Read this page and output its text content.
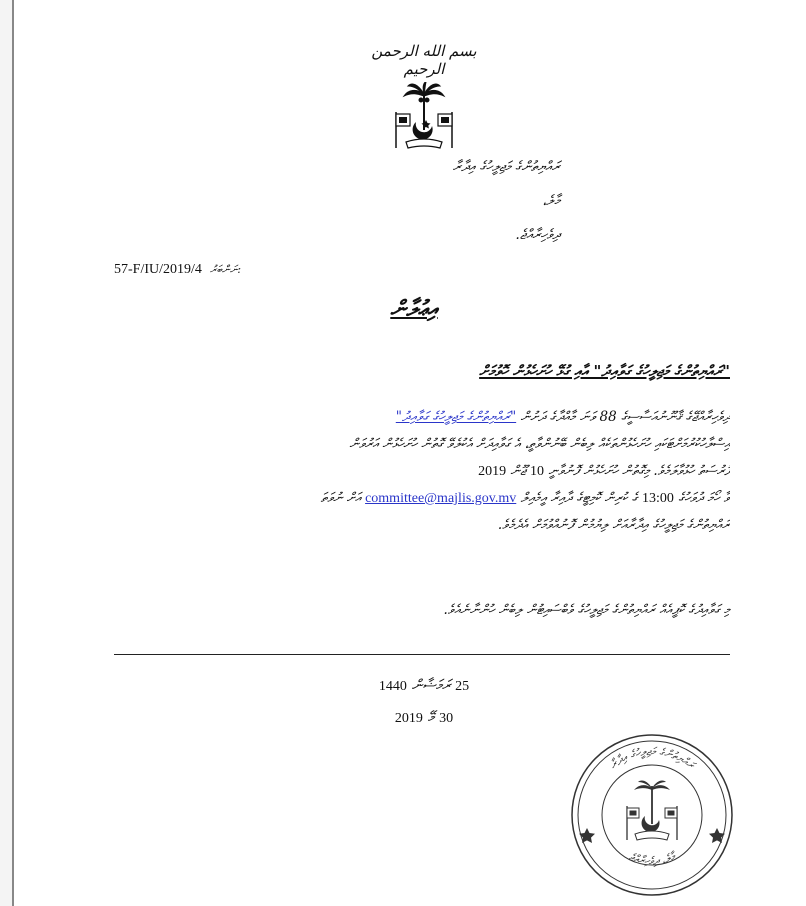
بسم الله الرحمن الرحيم
ރައްޔިތުންގެ މަޖިލީހުގެ އިދާރާ
މާލެ،
ދިވެހިރާއްޖެ.
57-F/IU/2019/4 ނަންބަރު:
އިޢުލާން
"ރައްޔިތުންގެ މަޖިލީހުގެ ގަވާއިދު" އާއި ގުޅޭ ހުށަހެޅުން ހޮވުމަށް
ދިވެހިރާއްޖޭގެ ޤާނޫނުއަސާސީގެ 88 ވަނަ މާއްދާގެ ދަށުން "ރައްޔިތުންގެ މަޖިލީހުގެ ގަވާއިދު"
އިސްލާހުކުރުމަށްޓަކައި ހުށަހެޅުންތަކެއް ލިބެން ބޭނުންވާތީ، އެ ގަވާއިދަށް އެކުލެވޭ ގޮތުން ހުށަހެޅުން އަރުވަން
ފުރުސަތު ހުޅުވާލަމެވެ. މިގޮތުން ހުށަހެޅުން ފޮނުވާނީ 10 ޖޫން 2019
ވާ ހޯމަ ދުވަހުގެ 13:00 ގެ ކުރިން ކޮމިޓީގެ ދާއިރާ އީމެއިލް committee@majlis.gov.mv އަށް ނުވަތަ
ރައްޔިތުންގެ މަޖިލީހުގެ އިދާރާއަށް ލިޔުމުން ފޮނުއްވުމަށް އެދެމެވެ.
މި ގަވާއިދުގެ ކޮޕީއެއް ރައްޔިތުންގެ މަޖިލީހުގެ ވެބްސައިޓުން ލިބެން ހުންނާނެއެވެ.
25 ރަމަޟާން 1440
30 މޭ 2019
ރައްޔިތުންގެ މަޖިލީހުގެ އިދާރާ
މާލެ، ދިވެހިރާއްޖެ
